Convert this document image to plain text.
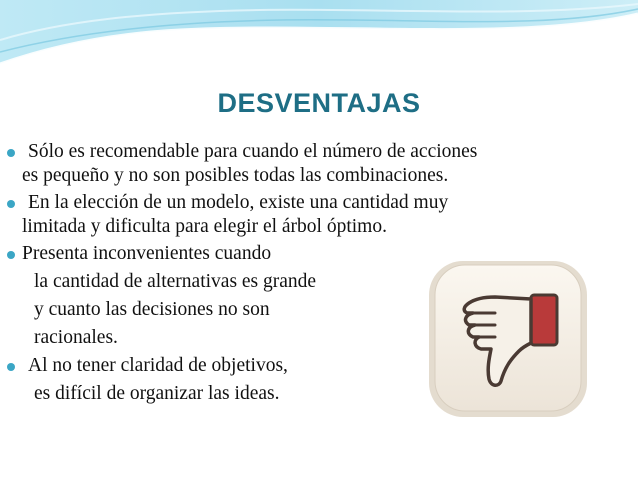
DESVENTAJAS
Sólo es recomendable para cuando el número de acciones
es pequeño y no son posibles todas las combinaciones.
En la elección de un modelo, existe una cantidad muy
limitada y dificulta para elegir el árbol óptimo.
Presenta inconvenientes cuando
la cantidad de alternativas es grande
y cuanto las decisiones no son
racionales.
Al no tener claridad de objetivos,
es difícil de organizar las ideas.
